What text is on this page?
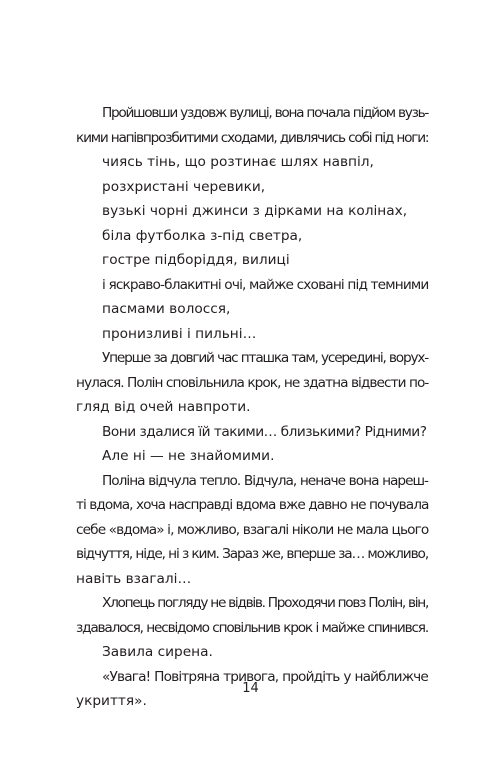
Пройшовши уздовж вулиці, вона почала підйом вузь-
кими напівпрозбитими сходами, дивлячись собі під ноги:
чиясь тінь, що розтинає шлях навпіл,
розхристані черевики,
вузькі чорні джинси з дірками на колінах,
біла футболка з-під светра,
гостре підборіддя, вилиці
і яскраво-блакитні очі, майже сховані під темними
пасмами волосся,
пронизливі і пильні…
Уперше за довгий час пташка там, усередині, ворух-
нулася. Полін сповільнила крок, не здатна відвести по-
гляд від очей навпроти.
Вони здалися їй такими… близькими? Рідними?
Але ні — не знайомими.
Поліна відчула тепло. Відчула, неначе вона нареш-
ті вдома, хоча насправді вдома вже давно не почувала
себе «вдома» і, можливо, взагалі ніколи не мала цього
відчуття, ніде, ні з ким. Зараз же, вперше за… можливо,
навіть взагалі…
Хлопець погляду не відвів. Проходячи повз Полін, він,
здавалося, несвідомо сповільнив крок і майже спинився.
Завила сирена.
«Увага! Повітряна тривога, пройдіть у найближче
укриття».
14
